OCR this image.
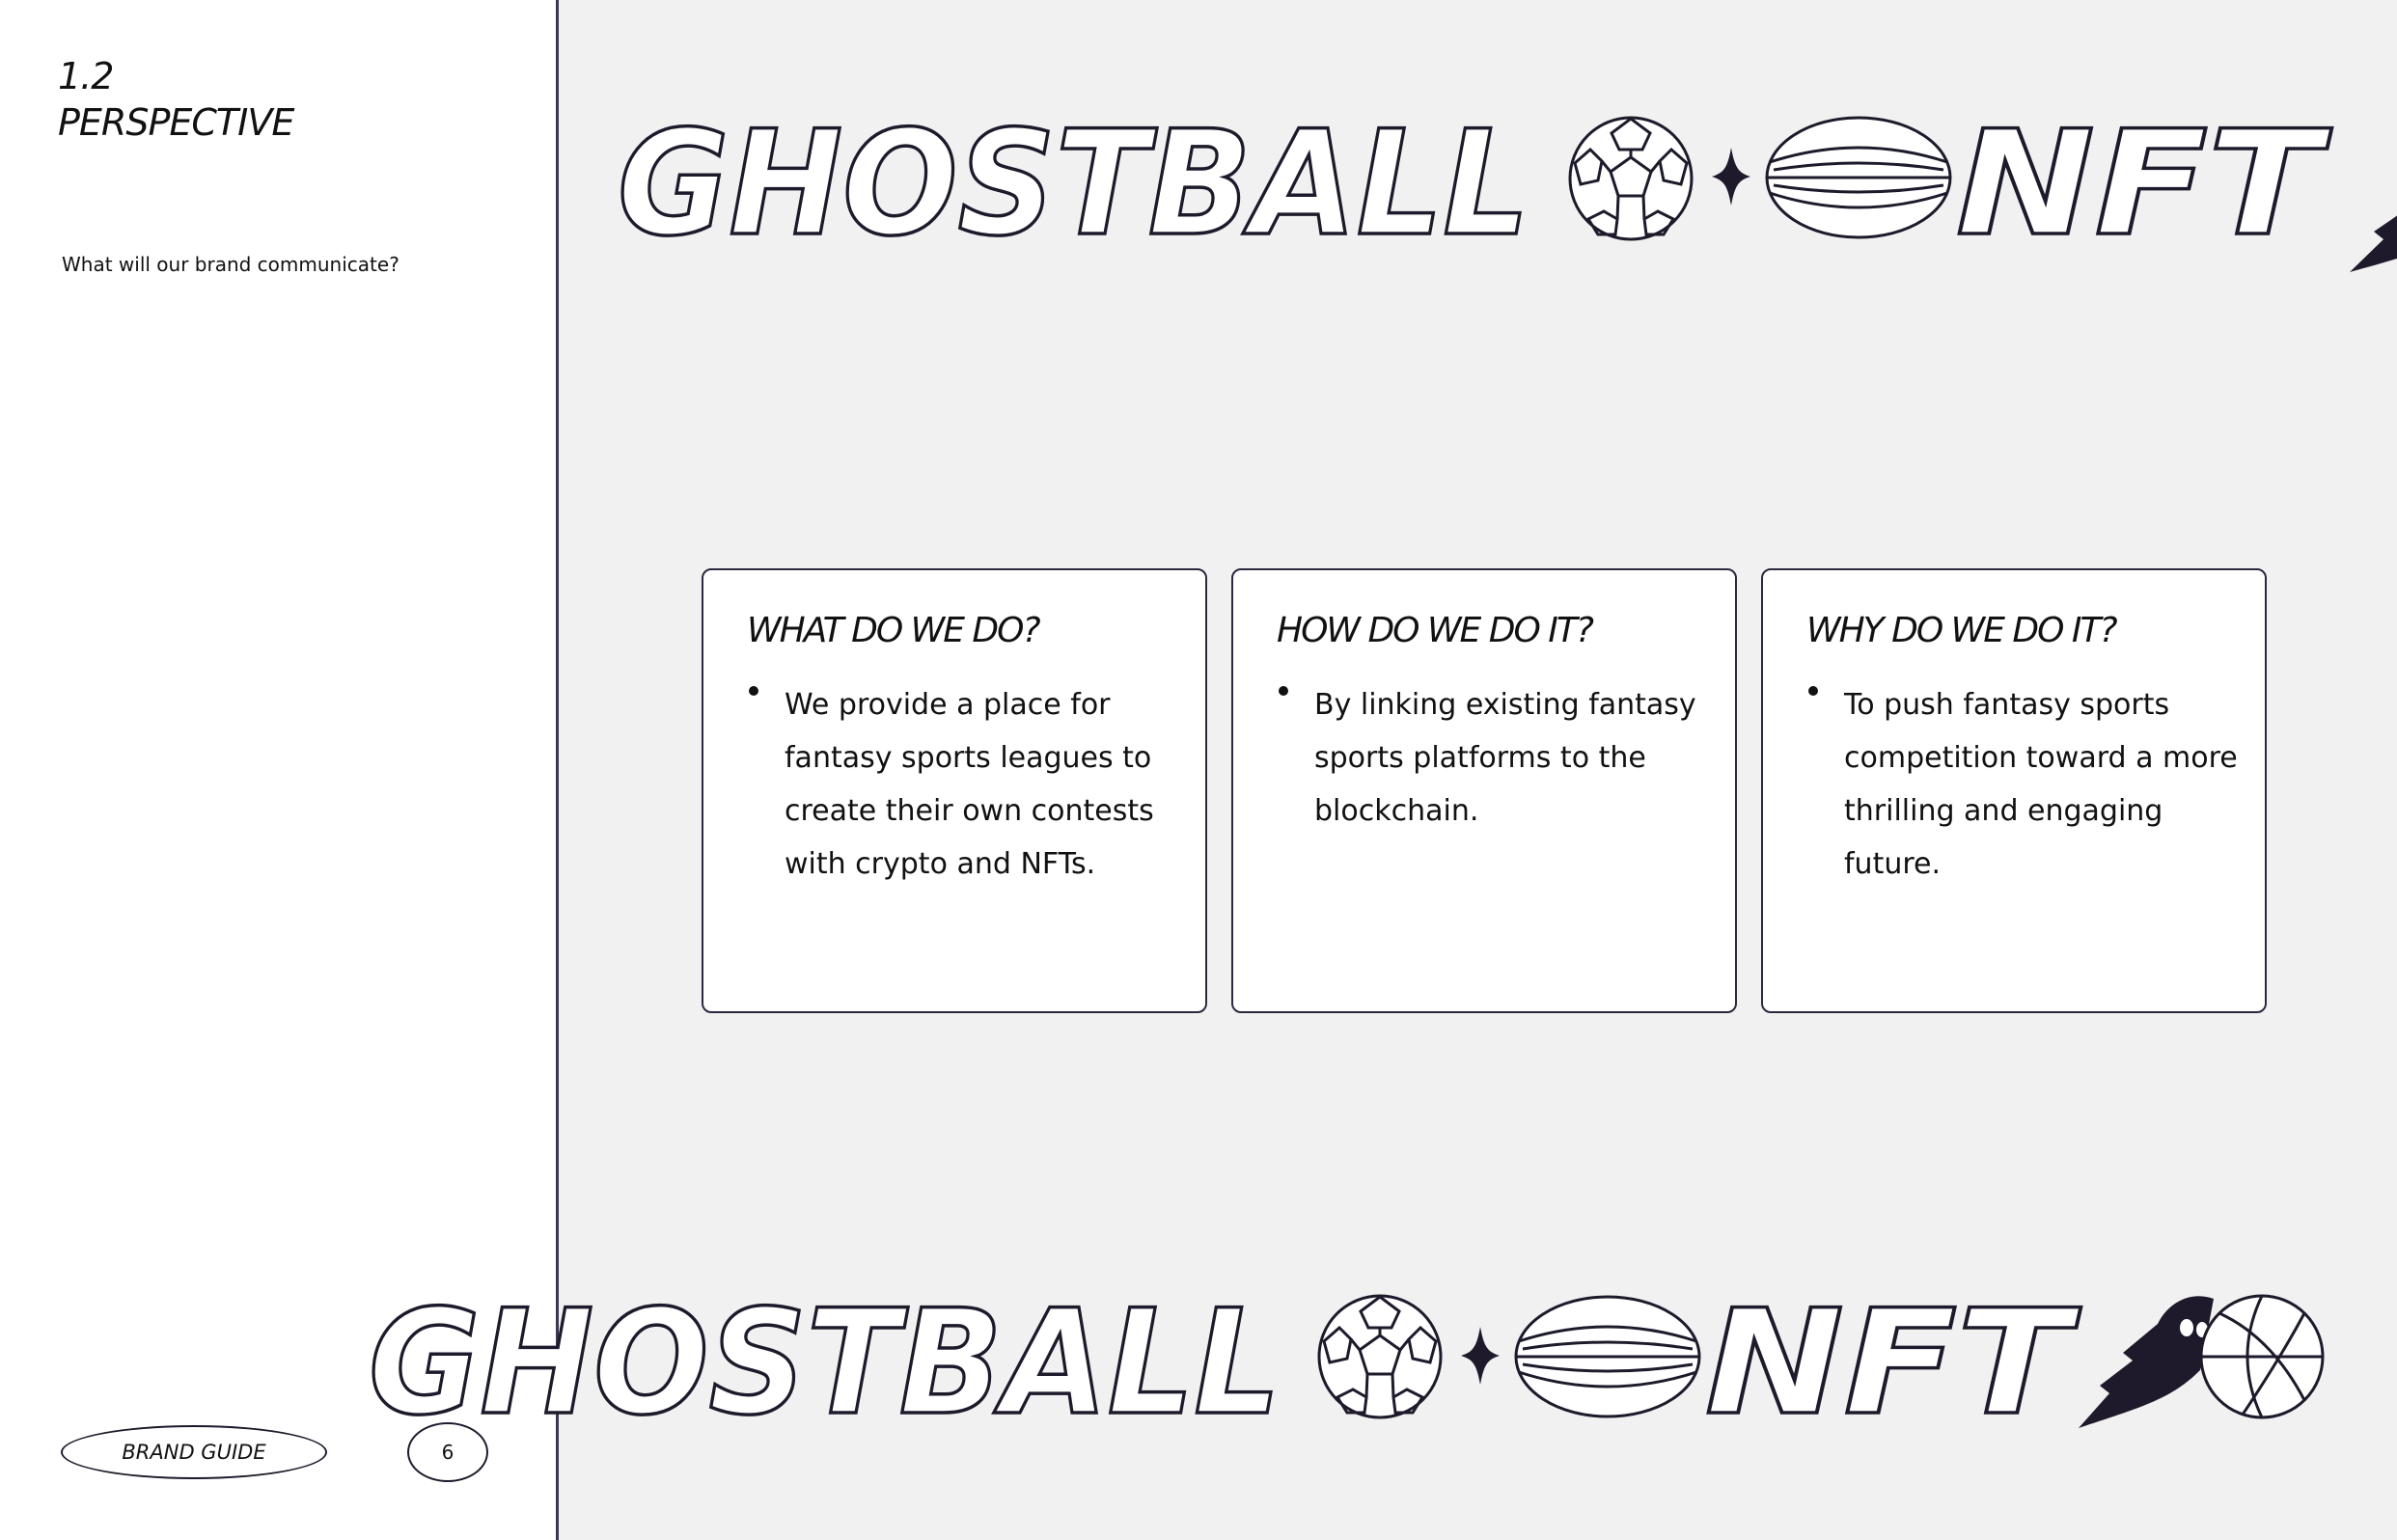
1.2
PERSPECTIVE
What will our brand communicate?
BRAND GUIDE	6
GHOSTBALL	NFT
WHAT DO WE DO?

We provide a place for fantasy sports leagues to create their own contests with crypto and NFTs.

HOW DO WE DO IT?

By linking existing fantasy sports platforms to the blockchain.

WHY DO WE DO IT?

To push fantasy sports competition toward a more thrilling and engaging future.

GHOSTBALL	NFT
